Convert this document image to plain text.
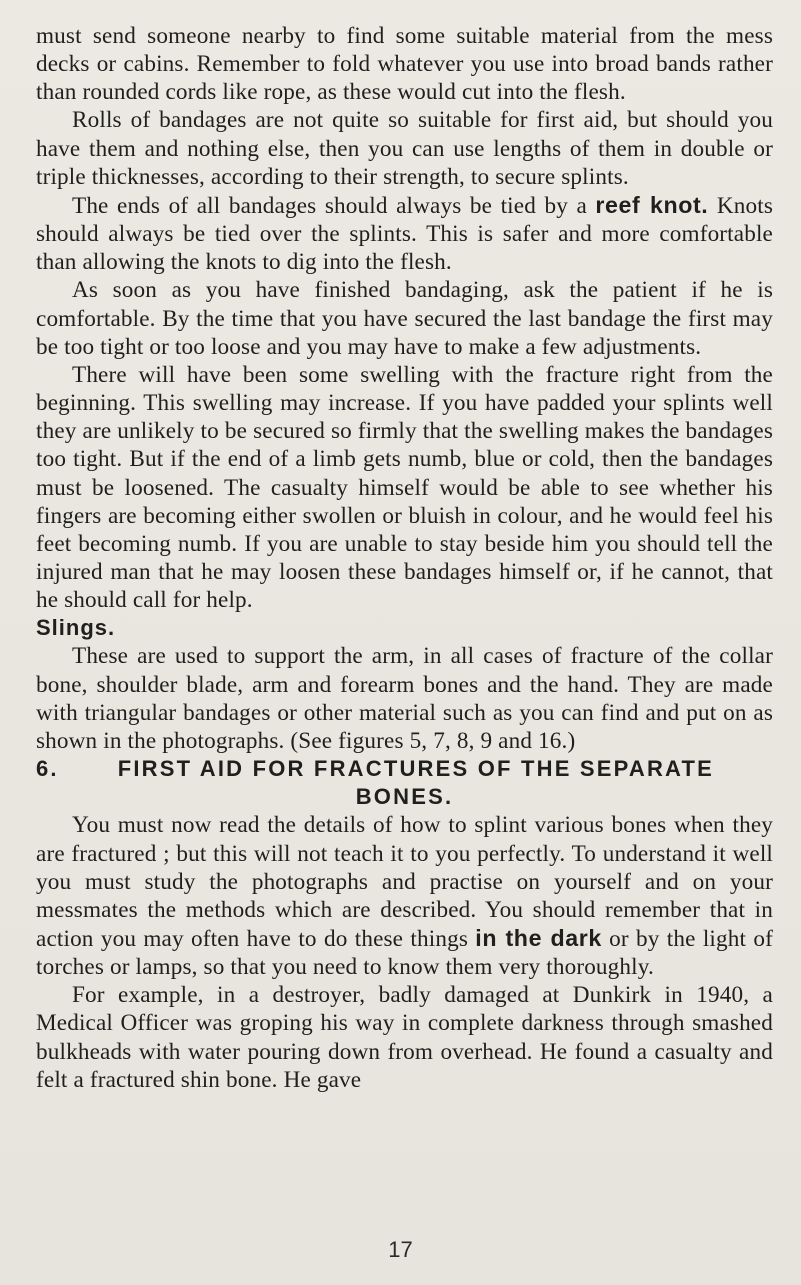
must send someone nearby to find some suitable material from the mess decks or cabins. Remember to fold whatever you use into broad bands rather than rounded cords like rope, as these would cut into the flesh.

Rolls of bandages are not quite so suitable for first aid, but should you have them and nothing else, then you can use lengths of them in double or triple thicknesses, according to their strength, to secure splints.

The ends of all bandages should always be tied by a reef knot. Knots should always be tied over the splints. This is safer and more comfortable than allowing the knots to dig into the flesh.

As soon as you have finished bandaging, ask the patient if he is comfortable. By the time that you have secured the last bandage the first may be too tight or too loose and you may have to make a few adjustments.

There will have been some swelling with the fracture right from the beginning. This swelling may increase. If you have padded your splints well they are unlikely to be secured so firmly that the swelling makes the bandages too tight. But if the end of a limb gets numb, blue or cold, then the bandages must be loosened. The casualty himself would be able to see whether his fingers are becoming either swollen or bluish in colour, and he would feel his feet becoming numb. If you are unable to stay beside him you should tell the injured man that he may loosen these bandages himself or, if he cannot, that he should call for help.

Slings.

These are used to support the arm, in all cases of fracture of the collar bone, shoulder blade, arm and forearm bones and the hand. They are made with triangular bandages or other material such as you can find and put on as shown in the photographs. (See figures 5, 7, 8, 9 and 16.)

6.	FIRST AID FOR FRACTURES OF THE SEPARATE
BONES.

You must now read the details of how to splint various bones when they are fractured ; but this will not teach it to you perfectly. To understand it well you must study the photographs and practise on yourself and on your messmates the methods which are described. You should remember that in action you may often have to do these things in the dark or by the light of torches or lamps, so that you need to know them very thoroughly.

For example, in a destroyer, badly damaged at Dunkirk in 1940, a Medical Officer was groping his way in complete darkness through smashed bulkheads with water pouring down from overhead. He found a casualty and felt a fractured shin bone. He gave

17
